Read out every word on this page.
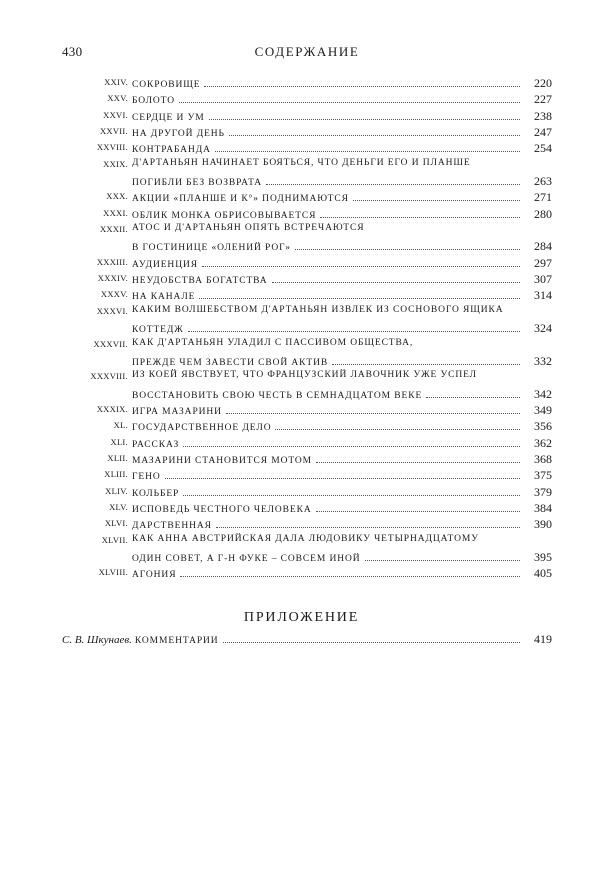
430	СОДЕРЖАНИЕ
XXIV. СОКРОВИЩЕ	220
XXV. БОЛОТО	227
XXVI. СЕРДЦЕ И УМ	238
XXVII. НА ДРУГОЙ ДЕНЬ	247
XXVIII. КОНТРАБАНДА	254
XXIX. Д'АРТАНЬЯН НАЧИНАЕТ БОЯТЬСЯ, ЧТО ДЕНЬГИ ЕГО И ПЛАНШЕ
ПОГИБЛИ БЕЗ ВОЗВРАТА	263
XXX. АКЦИИ «ПЛАНШЕ И К°» ПОДНИМАЮТСЯ	271
XXXI. ОБЛИК МОНКА ОБРИСОВЫВАЕТСЯ	280
XXXII. АТОС И Д'АРТАНЬЯН ОПЯТЬ ВСТРЕЧАЮТСЯ
В ГОСТИНИЦЕ «ОЛЕНИЙ РОГ»	284
XXXIII. АУДИЕНЦИЯ	297
XXXIV. НЕУДОБСТВА БОГАТСТВА	307
XXXV. НА КАНАЛЕ	314
XXXVI. КАКИМ ВОЛШЕБСТВОМ Д'АРТАНЬЯН ИЗВЛЕК ИЗ СОСНОВОГО ЯЩИКА
КОТТЕДЖ	324
XXXVII. КАК Д'АРТАНЬЯН УЛАДИЛ С ПАССИВОМ ОБЩЕСТВА,
ПРЕЖДЕ ЧЕМ ЗАВЕСТИ СВОЙ АКТИВ	332
XXXVIII. ИЗ КОЕЙ ЯВСТВУЕТ, ЧТО ФРАНЦУЗСКИЙ ЛАВОЧНИК УЖЕ УСПЕЛ
ВОССТАНОВИТЬ СВОЮ ЧЕСТЬ В СЕМНАДЦАТОМ ВЕКЕ	342
XXXIX. ИГРА МАЗАРИНИ	349
XL. ГОСУДАРСТВЕННОЕ ДЕЛО	356
XLI. РАССКАЗ	362
XLII. МАЗАРИНИ СТАНОВИТСЯ МОТОМ	368
XLIII. ГЕНО	375
XLIV. КОЛЬБЕР	379
XLV. ИСПОВЕДЬ ЧЕСТНОГО ЧЕЛОВЕКА	384
XLVI. ДАРСТВЕННАЯ	390
XLVII. КАК АННА АВСТРИЙСКАЯ ДАЛА ЛЮДОВИКУ ЧЕТЫРНАДЦАТОМУ
ОДИН СОВЕТ, А Г-Н ФУКЕ – СОВСЕМ ИНОЙ	395
XLVIII. АГОНИЯ	405
ПРИЛОЖЕНИЕ
С. В. Шкунаев. КОММЕНТАРИИ	419
